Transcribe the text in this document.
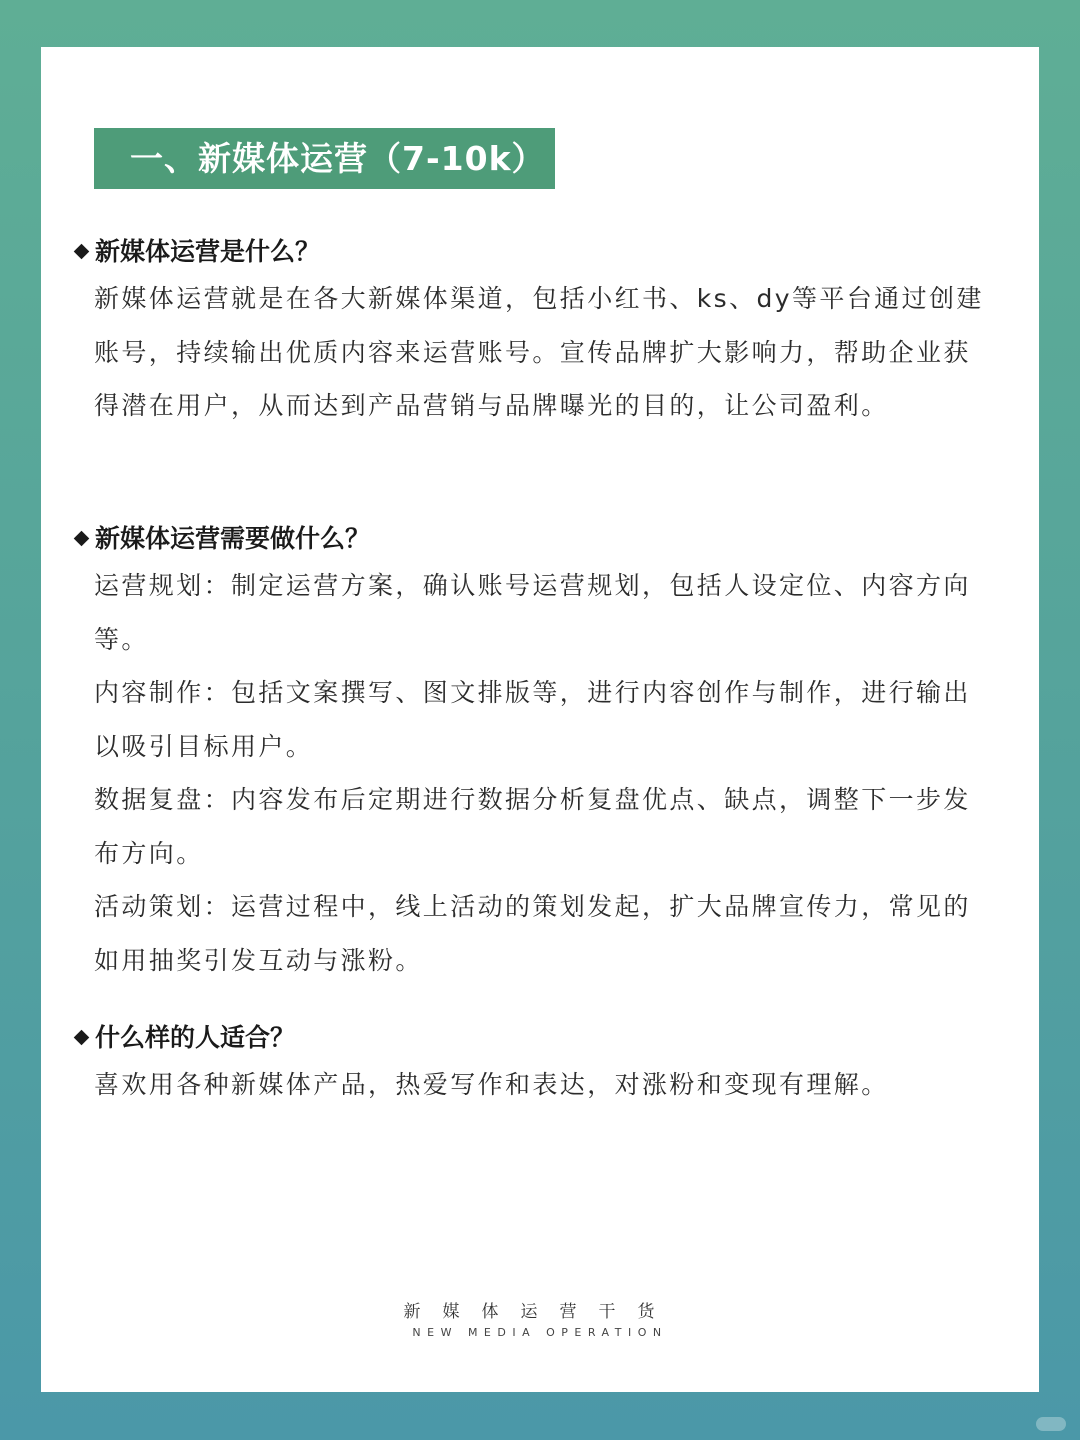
一、新媒体运营（7-10k）
新媒体运营是什么？

新媒体运营就是在各大新媒体渠道，包括小红书、ks、dy等平台通过创建账号，持续输出优质内容来运营账号。宣传品牌扩大影响力，帮助企业获得潜在用户，从而达到产品营销与品牌曝光的目的，让公司盈利。

新媒体运营需要做什么？

运营规划：制定运营方案，确认账号运营规划，包括人设定位、内容方向等。

内容制作：包括文案撰写、图文排版等，进行内容创作与制作，进行输出以吸引目标用户。

数据复盘：内容发布后定期进行数据分析复盘优点、缺点，调整下一步发布方向。

活动策划：运营过程中，线上活动的策划发起，扩大品牌宣传力，常见的如用抽奖引发互动与涨粉。

什么样的人适合？

喜欢用各种新媒体产品，热爱写作和表达，对涨粉和变现有理解。

新媒体运营干货
NEW MEDIA OPERATION
